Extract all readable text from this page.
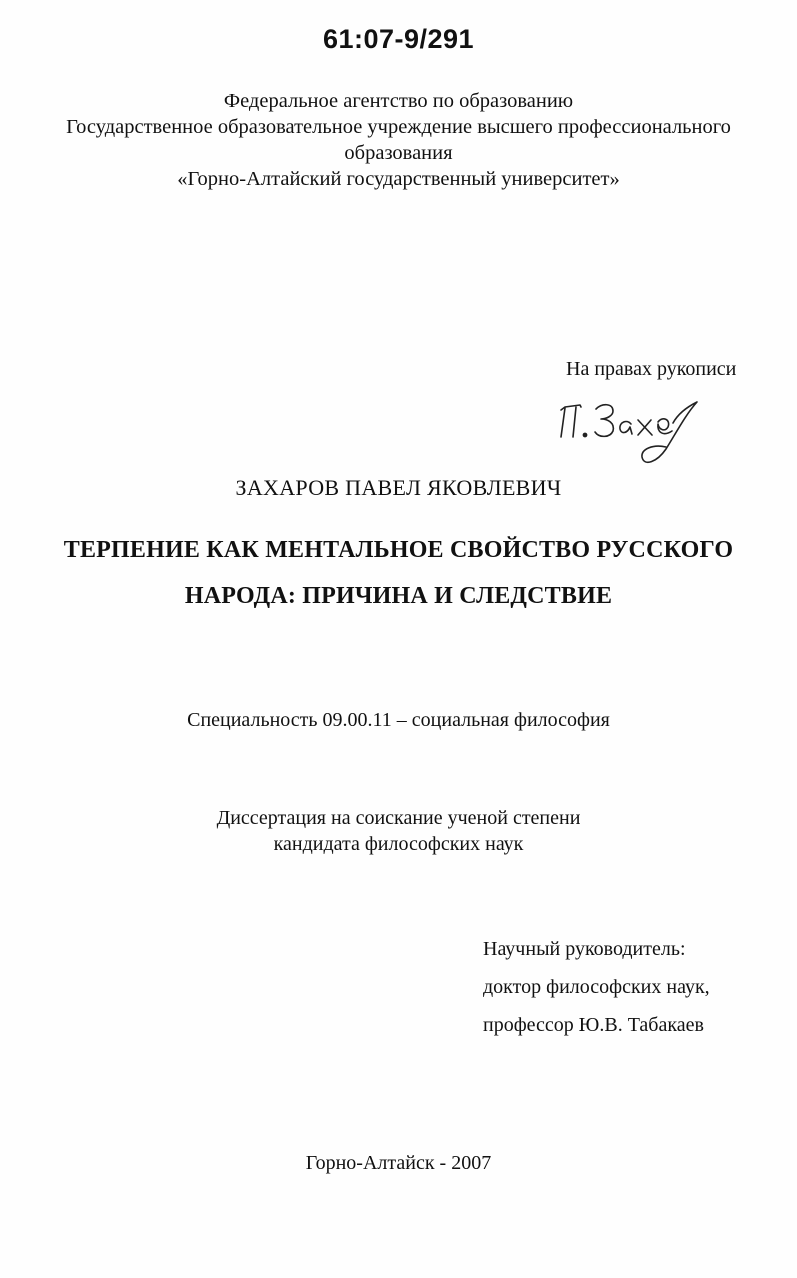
61:07-9/291

Федеральное агентство по образованию

Государственное образовательное учреждение высшего профессионального

образования

«Горно-Алтайский государственный университет»

На правах рукописи
ЗАХАРОВ ПАВЕЛ ЯКОВЛЕВИЧ

ТЕРПЕНИЕ КАК МЕНТАЛЬНОЕ СВОЙСТВО РУССКОГО

НАРОДА: ПРИЧИНА И СЛЕДСТВИЕ

Специальность 09.00.11 – социальная философия

Диссертация на соискание ученой степени

кандидата философских наук

Научный руководитель:
доктор философских наук,
профессор Ю.В. Табакаев
Горно-Алтайск - 2007
